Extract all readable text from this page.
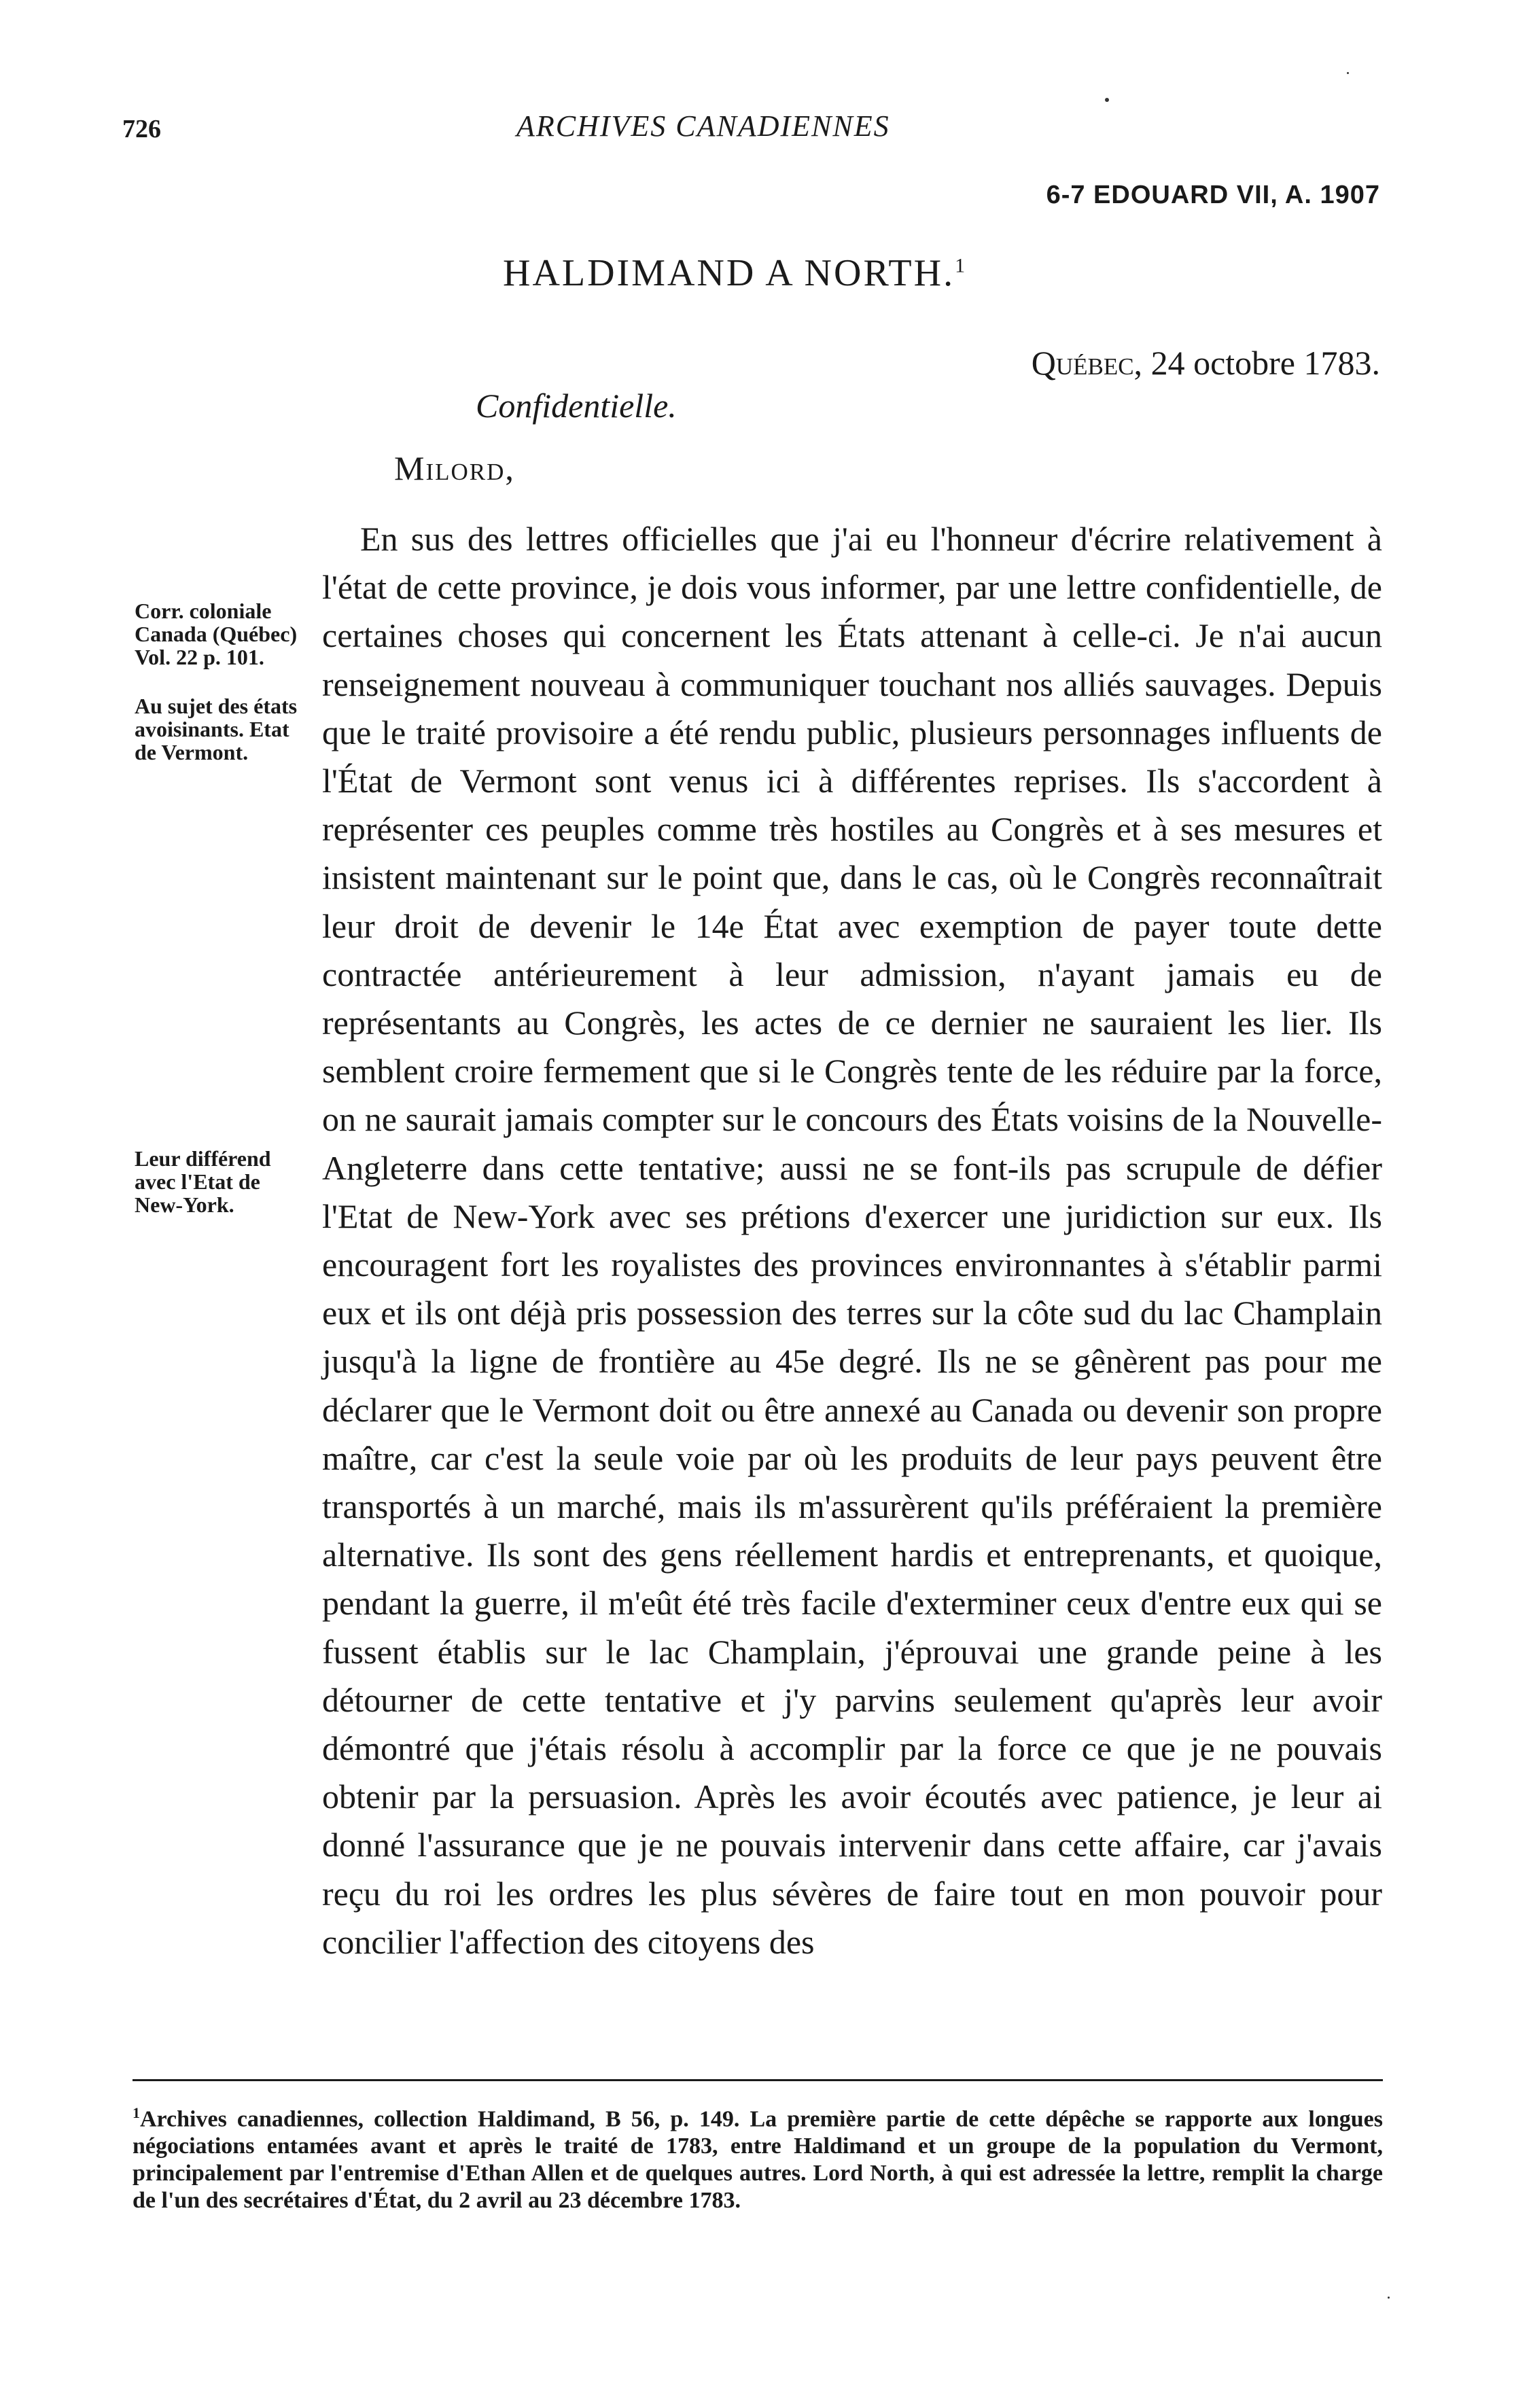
726	ARCHIVES CANADIENNES
6-7 EDOUARD VII, A. 1907
HALDIMAND A NORTH.$^1$
Québec, 24 octobre 1783.
Confidentielle.
Milord,
Corr. coloniale Canada (Québec) Vol. 22 p. 101.
Au sujet des états avoisinants. Etat de Vermont.
Leur différend avec l'Etat de New-York.

En sus des lettres officielles que j'ai eu l'honneur d'écrire relativement à l'état de cette province, je dois vous informer, par une lettre confidentielle, de certaines choses qui concernent les États attenant à celle-ci. Je n'ai aucun renseignement nouveau à communiquer touchant nos alliés sauvages. Depuis que le traité provisoire a été rendu public, plusieurs personnages influents de l'État de Vermont sont venus ici à différentes reprises. Ils s'accordent à représenter ces peuples comme très hostiles au Congrès et à ses mesures et insistent maintenant sur le point que, dans le cas, où le Congrès reconnaîtrait leur droit de devenir le 14e État avec exemption de payer toute dette contractée antérieurement à leur admission, n'ayant jamais eu de représentants au Congrès, les actes de ce dernier ne sauraient les lier. Ils semblent croire fermement que si le Congrès tente de les réduire par la force, on ne saurait jamais compter sur le concours des États voisins de la Nouvelle-Angleterre dans cette tentative; aussi ne se font-ils pas scrupule de défier l'Etat de New-York avec ses prétions d'exercer une juridiction sur eux. Ils encouragent fort les royalistes des provinces environnantes à s'établir parmi eux et ils ont déjà pris possession des terres sur la côte sud du lac Champlain jusqu'à la ligne de frontière au 45e degré. Ils ne se gênèrent pas pour me déclarer que le Vermont doit ou être annexé au Canada ou devenir son propre maître, car c'est la seule voie par où les produits de leur pays peuvent être transportés à un marché, mais ils m'assurèrent qu'ils préféraient la première alternative. Ils sont des gens réellement hardis et entreprenants, et quoique, pendant la guerre, il m'eût été très facile d'exterminer ceux d'entre eux qui se fussent établis sur le lac Champlain, j'éprouvai une grande peine à les détourner de cette tentative et j'y parvins seulement qu'après leur avoir démontré que j'étais résolu à accomplir par la force ce que je ne pouvais obtenir par la persuasion. Après les avoir écoutés avec patience, je leur ai donné l'assurance que je ne pouvais intervenir dans cette affaire, car j'avais reçu du roi les ordres les plus sévères de faire tout en mon pouvoir pour concilier l'affection des citoyens des

$^1$Archives canadiennes, collection Haldimand, B 56, p. 149. La première partie de cette dépêche se rapporte aux longues négociations entamées avant et après le traité de 1783, entre Haldimand et un groupe de la population du Vermont, principalement par l'entremise d'Ethan Allen et de quelques autres. Lord North, à qui est adressée la lettre, remplit la charge de l'un des secrétaires d'État, du 2 avril au 23 décembre 1783.
